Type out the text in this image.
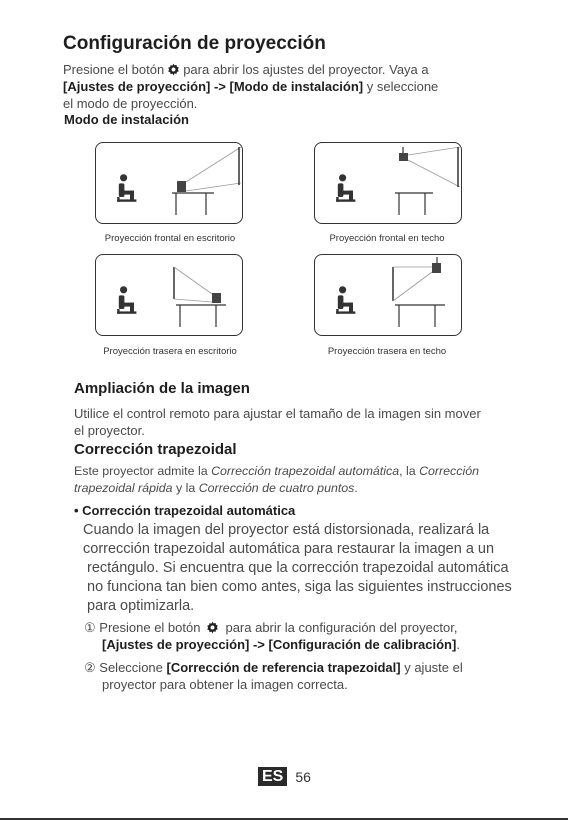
Configuración de proyección
Presione el botón para abrir los ajustes del proyector. Vaya a
[Ajustes de proyección] -> [Modo de instalación] y seleccione
el modo de proyección.
Modo de instalación
Proyección frontal en escritorio	Proyección frontal en techo
Proyección trasera en escritorio	Proyección trasera en techo
Ampliación de la imagen
Utilice el control remoto para ajustar el tamaño de la imagen sin mover
el proyector.
Corrección trapezoidal
Este proyector admite la Corrección trapezoidal automática, la Corrección
trapezoidal rápida y la Corrección de cuatro puntos.
• Corrección trapezoidal automática
Cuando la imagen del proyector está distorsionada, realizará la
corrección trapezoidal automática para restaurar la imagen a un
rectángulo. Si encuentra que la corrección trapezoidal automática
no funciona tan bien como antes, siga las siguientes instrucciones
para optimizarla.
① Presione el botón para abrir la configuración del proyector,
[Ajustes de proyección] -> [Configuración de calibración].
② Seleccione [Corrección de referencia trapezoidal] y ajuste el
proyector para obtener la imagen correcta.
ES 56
